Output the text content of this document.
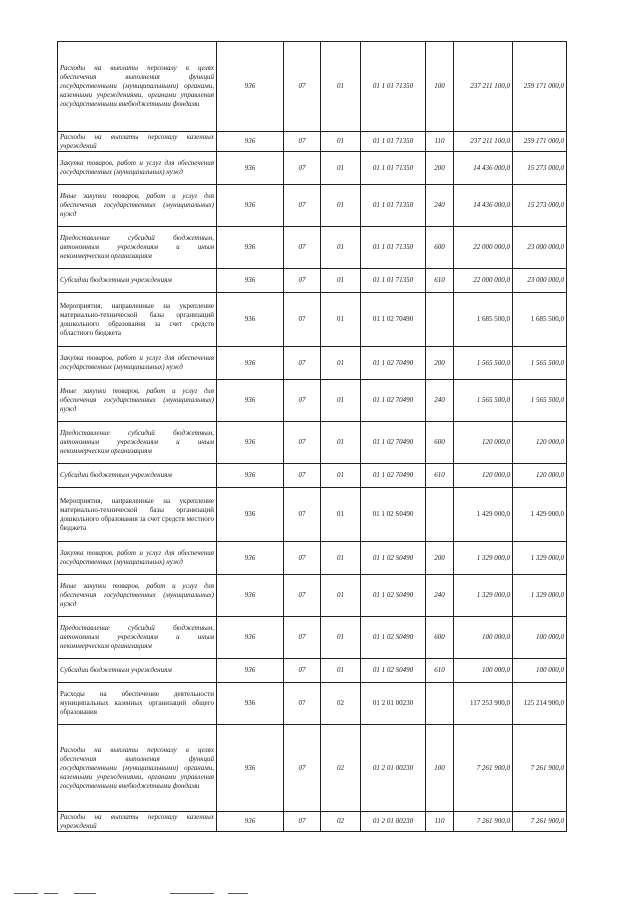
Расходы на выплаты персоналу в целях обеспечения выполнения функций государственными (муниципальными) органами, казенными учреждениями, органами управления государственными внебюджетными фондами	936	07	01	01 1 01 71350	100	237 211 100,0	259 171 000,0
Расходы на выплаты персоналу казенных учреждений	936	07	01	01 1 01 71350	110	237 211 100,0	259 171 000,0
Закупка товаров, работ и услуг для обеспечения государственных (муниципальных) нужд	936	07	01	01 1 01 71350	200	14 436 000,0	15 273 000,0
Иные закупки товаров, работ и услуг для обеспечения государственных (муниципальных) нужд	936	07	01	01 1 01 71350	240	14 436 000,0	15 273 000,0
Предоставление субсидий бюджетным, автономным учреждениям и иным некоммерческим организациям	936	07	01	01 1 01 71350	600	22 000 000,0	23 000 000,0
Субсидии бюджетным учреждениям	936	07	01	01 1 01 71350	610	22 000 000,0	23 000 000,0
Мероприятия, направленные на укрепление материально-технической базы организаций дошкольного образования за счет средств областного бюджета	936	07	01	01 1 02 70490		1 685 500,0	1 685 500,0
Закупка товаров, работ и услуг для обеспечения государственных (муниципальных) нужд	936	07	01	01 1 02 70490	200	1 565 500,0	1 565 500,0
Иные закупки товаров, работ и услуг для обеспечения государственных (муниципальных) нужд	936	07	01	01 1 02 70490	240	1 565 500,0	1 565 500,0
Предоставление субсидий бюджетным, автономным учреждениям и иным некоммерческим организациям	936	07	01	01 1 02 70490	600	120 000,0	120 000,0
Субсидии бюджетным учреждениям	936	07	01	01 1 02 70490	610	120 000,0	120 000,0
Мероприятия, направленные на укрепление материально-технической базы организаций дошкольного образования за счет средств местного бюджета	936	07	01	01 1 02 S0490		1 429 000,0	1 429 000,0
Закупка товаров, работ и услуг для обеспечения государственных (муниципальных) нужд	936	07	01	01 1 02 S0490	200	1 329 000,0	1 329 000,0
Иные закупки товаров, работ и услуг для обеспечения государственных (муниципальных) нужд	936	07	01	01 1 02 S0490	240	1 329 000,0	1 329 000,0
Предоставление субсидий бюджетным, автономным учреждениям и иным некоммерческим организациям	936	07	01	01 1 02 S0490	600	100 000,0	100 000,0
Субсидии бюджетным учреждениям	936	07	01	01 1 02 S0490	610	100 000,0	100 000,0
Расходы на обеспечение деятельности муниципальных казенных организаций общего образования	936	07	02	01 2 01 00230		117 253 900,0	125 214 900,0
Расходы на выплаты персоналу в целях обеспечения выполнения функций государственными (муниципальными) органами, казенными учреждениями, органами управления государственными внебюджетными фондами	936	07	02	01 2 01 00230	100	7 261 900,0	7 261 900,0
Расходы на выплаты персоналу казенных учреждений	936	07	02	01 2 01 00230	110	7 261 900,0	7 261 900,0
